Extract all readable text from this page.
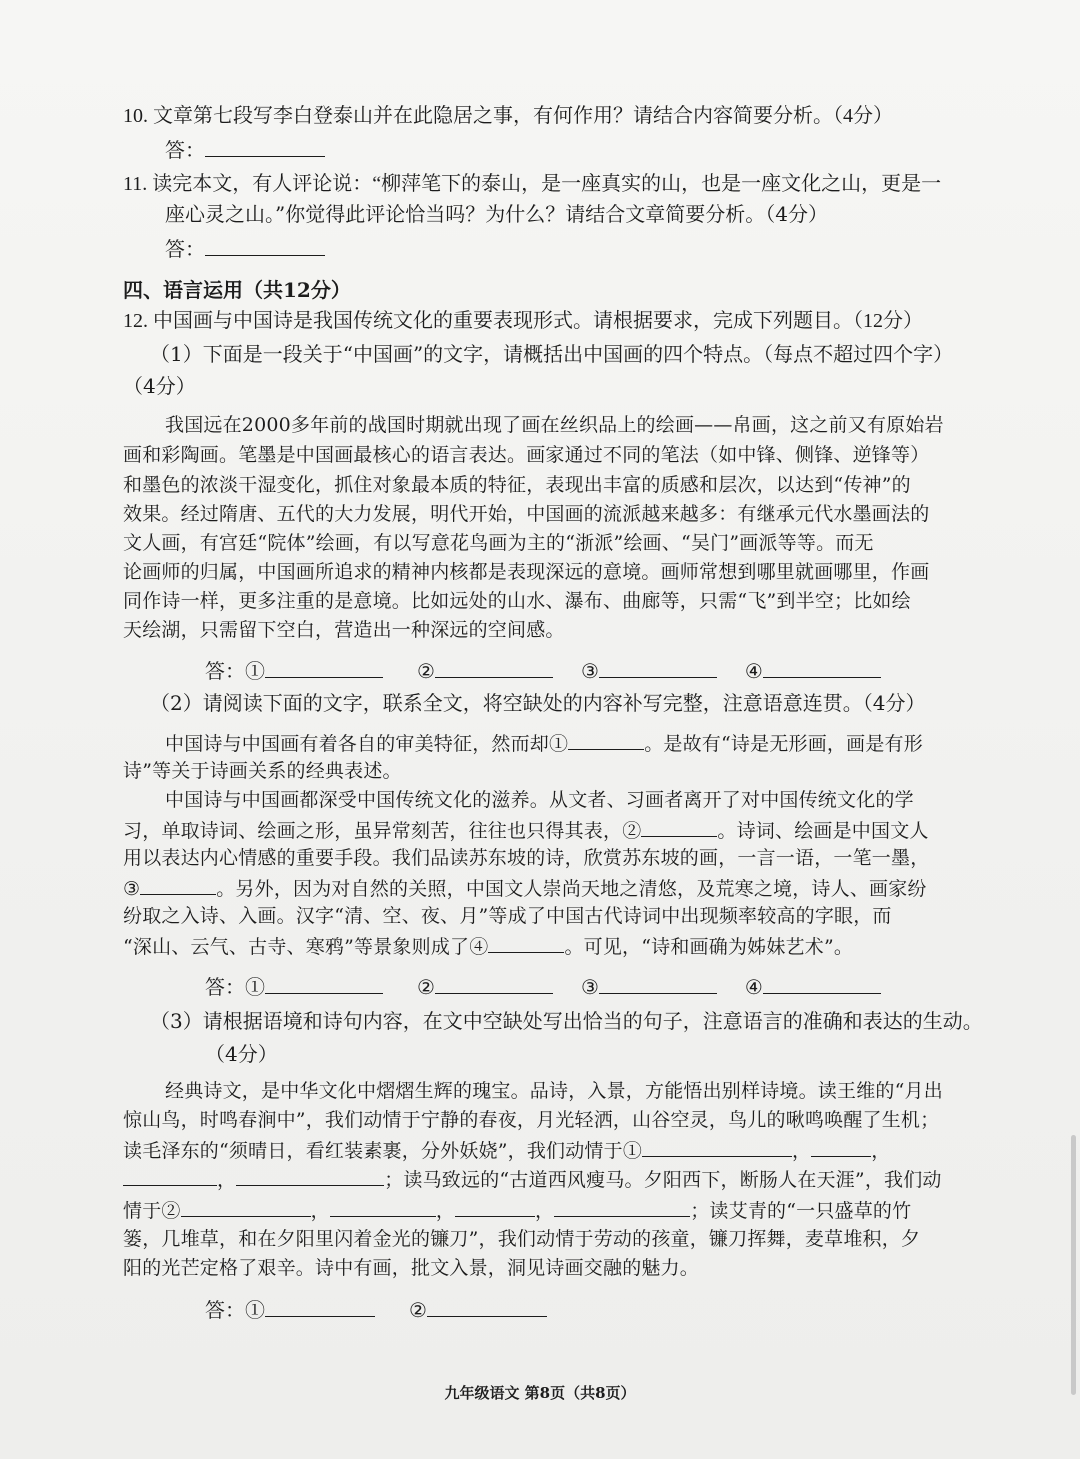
10. 文章第七段写李白登泰山并在此隐居之事，有何作用？请结合内容简要分析。（4分）
答：
11. 读完本文，有人评论说：“柳萍笔下的泰山，是一座真实的山，也是一座文化之山，更是一
座心灵之山。”你觉得此评论恰当吗？为什么？请结合文章简要分析。（4分）
答：
四、语言运用（共12分）
12. 中国画与中国诗是我国传统文化的重要表现形式。请根据要求，完成下列题目。（12分）
（1）下面是一段关于“中国画”的文字，请概括出中国画的四个特点。（每点不超过四个字）
（4分）
我国远在2000多年前的战国时期就出现了画在丝织品上的绘画——帛画，这之前又有原始岩
画和彩陶画。笔墨是中国画最核心的语言表达。画家通过不同的笔法（如中锋、侧锋、逆锋等）
和墨色的浓淡干湿变化，抓住对象最本质的特征，表现出丰富的质感和层次，以达到“传神”的
效果。经过隋唐、五代的大力发展，明代开始，中国画的流派越来越多：有继承元代水墨画法的
文人画，有宫廷“院体”绘画，有以写意花鸟画为主的“浙派”绘画、“吴门”画派等等。而无
论画师的归属，中国画所追求的精神内核都是表现深远的意境。画师常想到哪里就画哪里，作画
同作诗一样，更多注重的是意境。比如远处的山水、瀑布、曲廊等，只需“飞”到半空；比如绘
天绘湖，只需留下空白，营造出一种深远的空间感。
答：①	②	③	④
（2）请阅读下面的文字，联系全文，将空缺处的内容补写完整，注意语意连贯。（4分）
中国诗与中国画有着各自的审美特征，然而却①	。是故有“诗是无形画，画是有形
诗”等关于诗画关系的经典表述。
中国诗与中国画都深受中国传统文化的滋养。从文者、习画者离开了对中国传统文化的学
习，单取诗词、绘画之形，虽异常刻苦，往往也只得其表，②	。诗词、绘画是中国文人
用以表达内心情感的重要手段。我们品读苏东坡的诗，欣赏苏东坡的画，一言一语，一笔一墨，
③	。另外，因为对自然的关照，中国文人崇尚天地之清悠，及荒寒之境，诗人、画家纷
纷取之入诗、入画。汉字“清、空、夜、月”等成了中国古代诗词中出现频率较高的字眼，而
“深山、云气、古寺、寒鸦”等景象则成了④	。可见，“诗和画确为姊妹艺术”。
答：①	②	③	④
（3）请根据语境和诗句内容，在文中空缺处写出恰当的句子，注意语言的准确和表达的生动。
（4分）
经典诗文，是中华文化中熠熠生辉的瑰宝。品诗，入景，方能悟出别样诗境。读王维的“月出
惊山鸟，时鸣春涧中”，我们动情于宁静的春夜，月光轻洒，山谷空灵，鸟儿的啾鸣唤醒了生机；
读毛泽东的“须晴日，看红装素裹，分外妖娆”，我们动情于①	，	，
，	；读马致远的“古道西风瘦马。夕阳西下，断肠人在天涯”，我们动
情于②	，	，	，	；读艾青的“一只盛草的竹
篓，几堆草，和在夕阳里闪着金光的镰刀”，我们动情于劳动的孩童，镰刀挥舞，麦草堆积，夕
阳的光芒定格了艰辛。诗中有画，批文入景，洞见诗画交融的魅力。
答：①	②
九年级语文 第8页（共8页）
